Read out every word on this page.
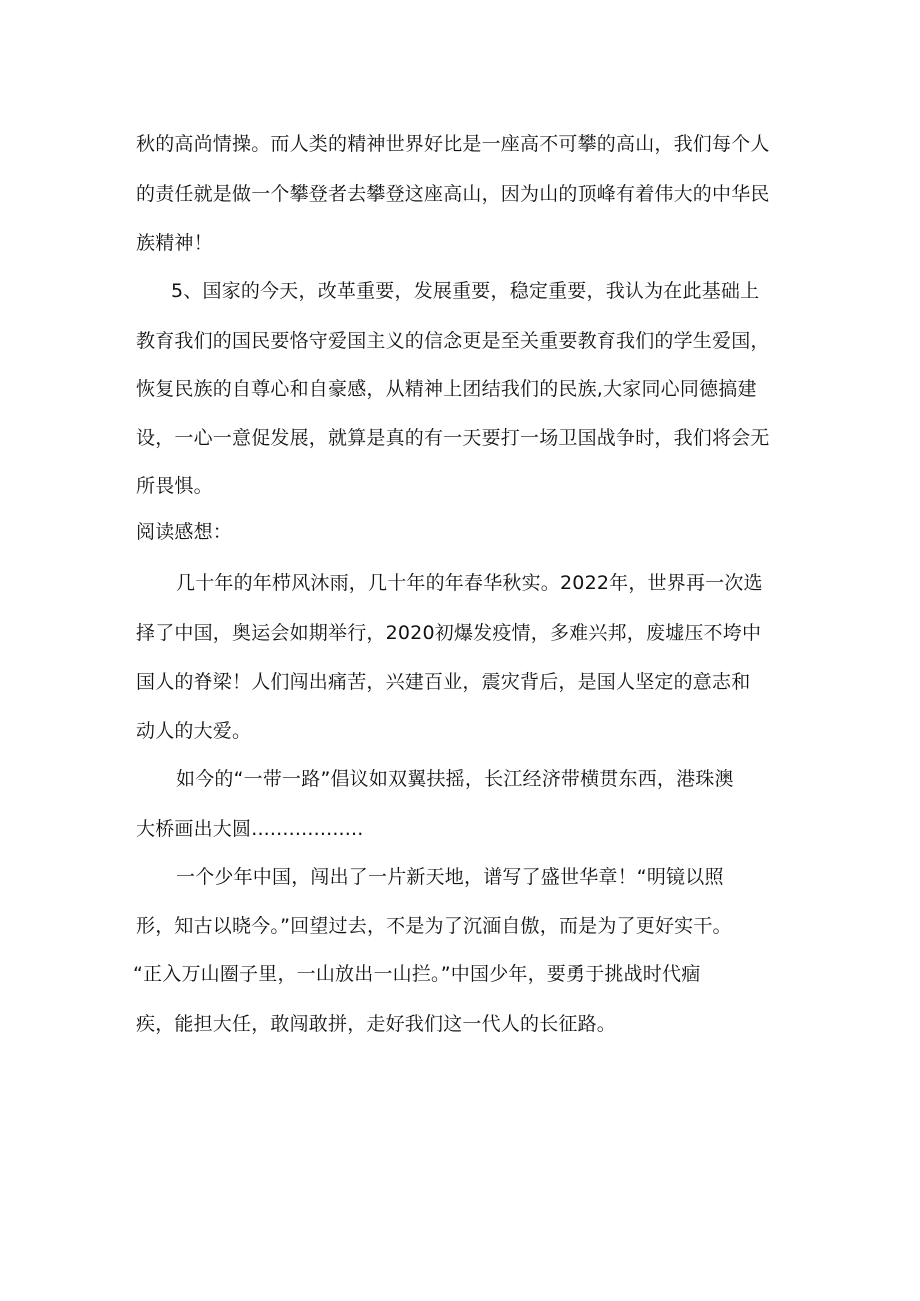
秋的高尚情操。而人类的精神世界好比是一座高不可攀的高山，我们每个人
的责任就是做一个攀登者去攀登这座高山，因为山的顶峰有着伟大的中华民
族精神！
5、国家的今天，改革重要，发展重要，稳定重要，我认为在此基础上
教育我们的国民要恪守爱国主义的信念更是至关重要教育我们的学生爱国，
恢复民族的自尊心和自豪感，从精神上团结我们的民族,大家同心同德搞建
设，一心一意促发展，就算是真的有一天要打一场卫国战争时，我们将会无
所畏惧。
阅读感想：
几十年的年栉风沐雨，几十年的年春华秋实。2022年，世界再一次选
择了中国，奥运会如期举行，2020初爆发疫情，多难兴邦，废墟压不垮中
国人的脊梁！人们闯出痛苦，兴建百业，震灾背后，是国人坚定的意志和
动人的大爱。
如今的“一带一路”倡议如双翼扶摇，长江经济带横贯东西，港珠澳
大桥画出大圆..................
一个少年中国，闯出了一片新天地，谱写了盛世华章！“明镜以照
形，知古以晓今。”回望过去，不是为了沉湎自傲，而是为了更好实干。
“正入万山圈子里，一山放出一山拦。”中国少年，要勇于挑战时代痼
疾，能担大任，敢闯敢拼，走好我们这一代人的长征路。
